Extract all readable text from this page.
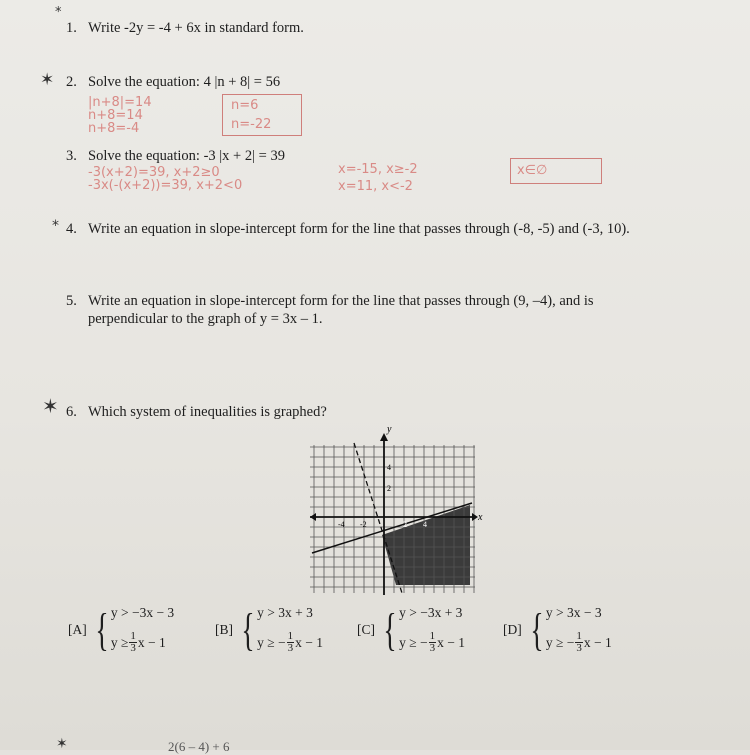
*
✶
*
✶
✶
1. Write -2y = -4 + 6x in standard form.
2. Solve the equation: 4 |n + 8| = 56
|n+8|=14
n+8=14
n+8=-4
n=6
n=-22
3. Solve the equation: -3 |x + 2| = 39
-3(x+2)=39, x+2≥0
-3x(-(x+2))=39, x+2<0
x=-15, x≥-2
x=11, x<-2
x∈∅
4. Write an equation in slope-intercept form for the line that passes through (-8, -5) and (-3, 10).
5. Write an equation in slope-intercept form for the line that passes through (9, –4), and is
perpendicular to the graph of y = 3x – 1.
6. Which system of inequalities is graphed?
y
x
4
2
-4 -2	2 4
[A] { y > −3x − 3
$y \ge \frac{1}{3}$ x − 1
[B] { y > 3x + 3
y ≥ − $\frac{1}{3}$ x − 1
[C] { y > −3x + 3
y ≥ − $\frac{1}{3}$ x − 1
[D] { y > 3x − 3
y ≥ − $\frac{1}{3}$ x − 1
2(6 – 4) + 6
